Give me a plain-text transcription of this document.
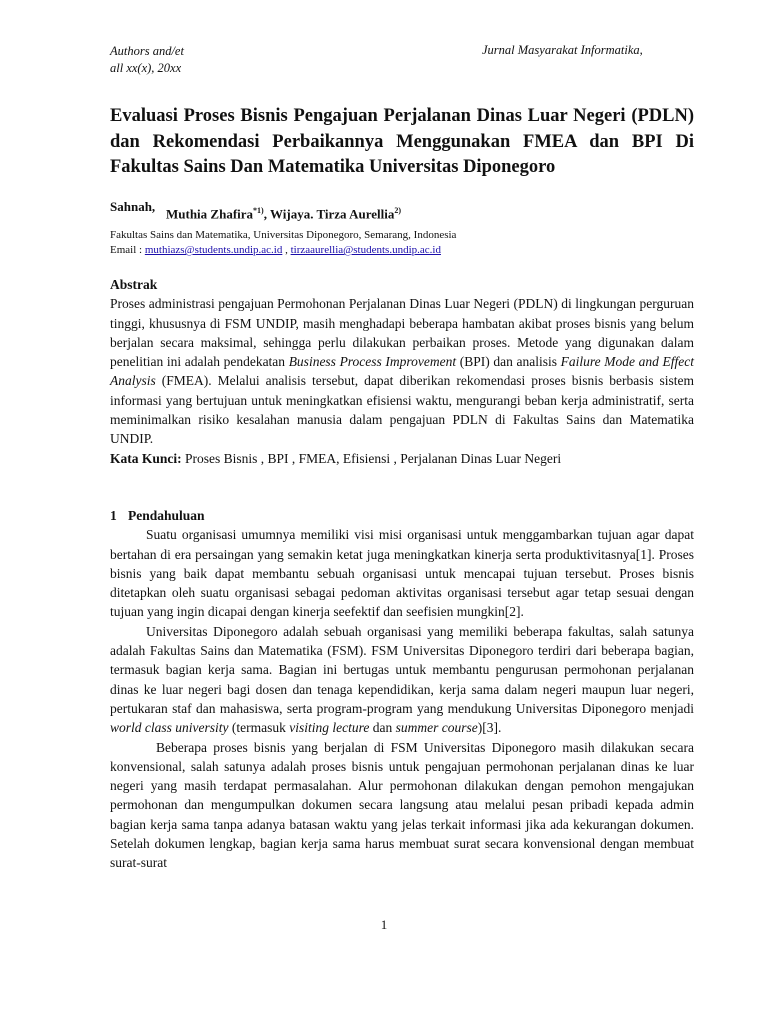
Authors and/et
all xx(x), 20xx
Jurnal Masyarakat Informatika,
Evaluasi Proses Bisnis Pengajuan Perjalanan Dinas Luar Negeri (PDLN) dan Rekomendasi Perbaikannya Menggunakan FMEA dan BPI Di Fakultas Sains Dan Matematika Universitas Diponegoro
Sahnah, Muthia Zhafira$^{*1)}$, Wijaya. Tirza Aurellia$^{2)}$
Fakultas Sains dan Matematika, Universitas Diponegoro, Semarang, Indonesia
Email : muthiazs@students.undip.ac.id , tirzaaurellia@students.undip.ac.id
Abstrak

Proses administrasi pengajuan Permohonan Perjalanan Dinas Luar Negeri (PDLN) di lingkungan perguruan tinggi, khususnya di FSM UNDIP, masih menghadapi beberapa hambatan akibat proses bisnis yang belum berjalan secara maksimal, sehingga perlu dilakukan perbaikan proses. Metode yang digunakan dalam penelitian ini adalah pendekatan Business Process Improvement (BPI) dan analisis Failure Mode and Effect Analysis (FMEA). Melalui analisis tersebut, dapat diberikan rekomendasi proses bisnis berbasis sistem informasi yang bertujuan untuk meningkatkan efisiensi waktu, mengurangi beban kerja administratif, serta meminimalkan risiko kesalahan manusia dalam pengajuan PDLN di Fakultas Sains dan Matematika UNDIP.

Kata Kunci: Proses Bisnis , BPI , FMEA, Efisiensi , Perjalanan Dinas Luar Negeri
1 Pendahuluan

Suatu organisasi umumnya memiliki visi misi organisasi untuk menggambarkan tujuan agar dapat bertahan di era persaingan yang semakin ketat juga meningkatkan kinerja serta produktivitasnya[1]. Proses bisnis yang baik dapat membantu sebuah organisasi untuk mencapai tujuan tersebut. Proses bisnis ditetapkan oleh suatu organisasi sebagai pedoman aktivitas organisasi tersebut agar tetap sesuai dengan tujuan yang ingin dicapai dengan kinerja seefektif dan seefisien mungkin[2].

Universitas Diponegoro adalah sebuah organisasi yang memiliki beberapa fakultas, salah satunya adalah Fakultas Sains dan Matematika (FSM). FSM Universitas Diponegoro terdiri dari beberapa bagian, termasuk bagian kerja sama. Bagian ini bertugas untuk membantu pengurusan permohonan perjalanan dinas ke luar negeri bagi dosen dan tenaga kependidikan, kerja sama dalam negeri maupun luar negeri, pertukaran staf dan mahasiswa, serta program-program yang mendukung Universitas Diponegoro menjadi world class university (termasuk visiting lecture dan summer course)[3].

Beberapa proses bisnis yang berjalan di FSM Universitas Diponegoro masih dilakukan secara konvensional, salah satunya adalah proses bisnis untuk pengajuan permohonan perjalanan dinas ke luar negeri yang masih terdapat permasalahan. Alur permohonan dilakukan dengan pemohon mengajukan permohonan dan mengumpulkan dokumen secara langsung atau melalui pesan pribadi kepada admin bagian kerja sama tanpa adanya batasan waktu yang jelas terkait informasi jika ada kekurangan dokumen. Setelah dokumen lengkap, bagian kerja sama harus membuat surat secara konvensional dengan membuat surat-surat

1
